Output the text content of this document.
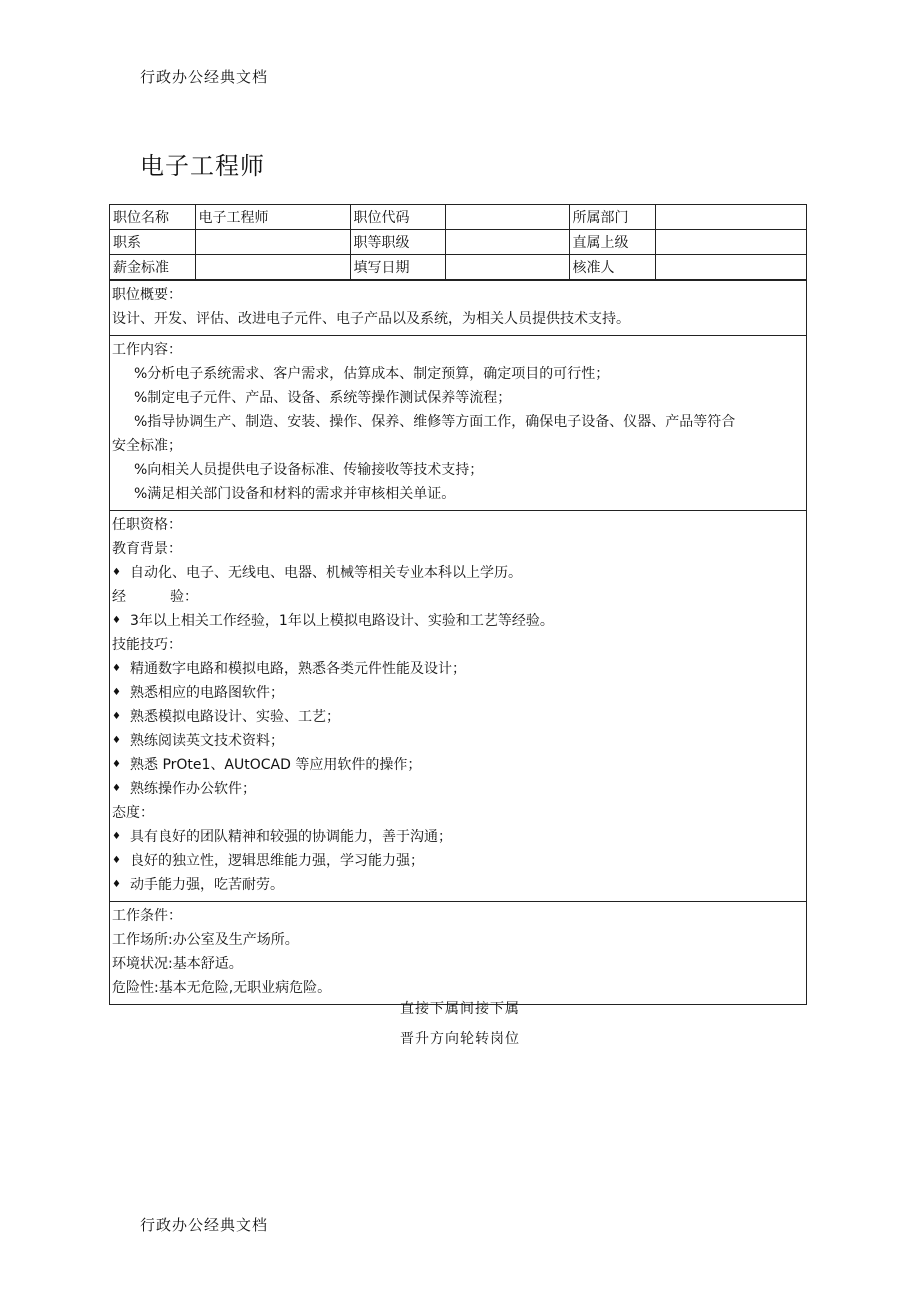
行政办公经典文档
电子工程师
职位名称	电子工程师	职位代码		所属部门	
职系		职等职级		直属上级	
薪金标准		填写日期		核准人	
职位概要：
设计、开发、评估、改进电子元件、电子产品以及系统，为相关人员提供技术支持。
工作内容：
%分析电子系统需求、客户需求，估算成本、制定预算，确定项目的可行性；
%制定电子元件、产品、设备、系统等操作测试保养等流程；
%指导协调生产、制造、安装、操作、保养、维修等方面工作，确保电子设备、仪器、产品等符合
安全标准；
%向相关人员提供电子设备标准、传输接收等技术支持；
%满足相关部门设备和材料的需求并审核相关单证。
任职资格：
教育背景：
♦ 自动化、电子、无线电、电器、机械等相关专业本科以上学历。
经	验：
♦ 3年以上相关工作经验，1年以上模拟电路设计、实验和工艺等经验。
技能技巧：
♦ 精通数字电路和模拟电路，熟悉各类元件性能及设计；
♦ 熟悉相应的电路图软件；
♦ 熟悉模拟电路设计、实验、工艺；
♦ 熟练阅读英文技术资料；
♦ 熟悉 PrOte1、AUtOCAD 等应用软件的操作；
♦ 熟练操作办公软件；
态度：
♦ 具有良好的团队精神和较强的协调能力，善于沟通；
♦ 良好的独立性，逻辑思维能力强，学习能力强；
♦ 动手能力强，吃苦耐劳。
工作条件：
工作场所:办公室及生产场所。
环境状况:基本舒适。
危险性:基本无危险,无职业病危险。
直接下属间接下属
晋升方向轮转岗位
行政办公经典文档
